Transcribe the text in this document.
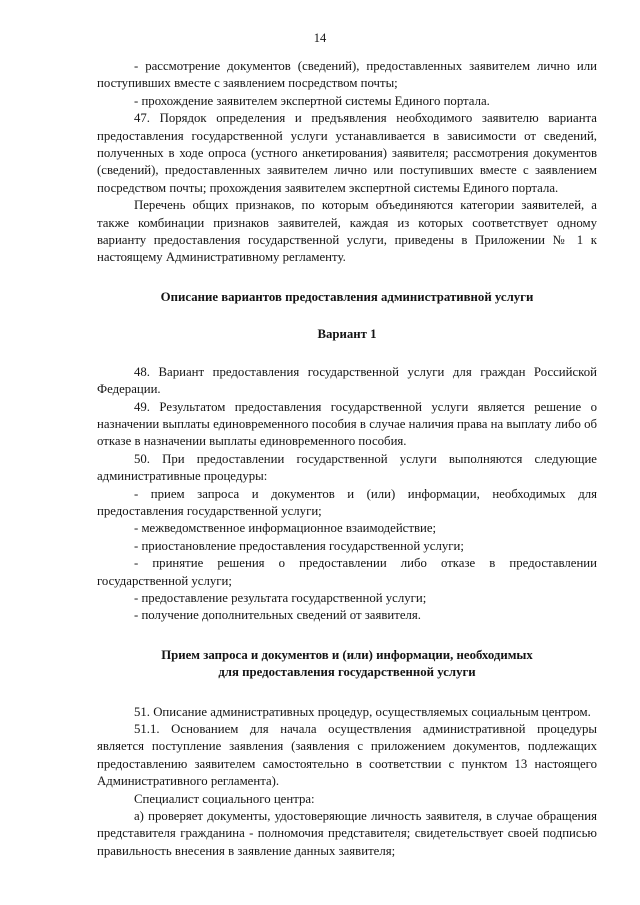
14

- рассмотрение документов (сведений), предоставленных заявителем лично или поступивших вместе с заявлением посредством почты;

- прохождение заявителем экспертной системы Единого портала.

47. Порядок определения и предъявления необходимого заявителю варианта предоставления государственной услуги устанавливается в зависимости от сведений, полученных в ходе опроса (устного анкетирования) заявителя; рассмотрения документов (сведений), предоставленных заявителем лично или поступивших вместе с заявлением посредством почты; прохождения заявителем экспертной системы Единого портала.

Перечень общих признаков, по которым объединяются категории заявителей, а также комбинации признаков заявителей, каждая из которых соответствует одному варианту предоставления государственной услуги, приведены в Приложении № 1 к настоящему Административному регламенту.

Описание вариантов предоставления административной услуги

Вариант 1

48. Вариант предоставления государственной услуги для граждан Российской Федерации.

49. Результатом предоставления государственной услуги является решение о назначении выплаты единовременного пособия в случае наличия права на выплату либо об отказе в назначении выплаты единовременного пособия.

50. При предоставлении государственной услуги выполняются следующие административные процедуры:

- прием запроса и документов и (или) информации, необходимых для предоставления государственной услуги;

- межведомственное информационное взаимодействие;

- приостановление предоставления государственной услуги;

- принятие решения о предоставлении либо отказе в предоставлении государственной услуги;

- предоставление результата государственной услуги;

- получение дополнительных сведений от заявителя.

Прием запроса и документов и (или) информации, необходимых

для предоставления государственной услуги

51. Описание административных процедур, осуществляемых социальным центром.

51.1. Основанием для начала осуществления административной процедуры является поступление заявления (заявления с приложением документов, подлежащих предоставлению заявителем самостоятельно в соответствии с пунктом 13 настоящего Административного регламента).

Специалист социального центра:

а) проверяет документы, удостоверяющие личность заявителя, в случае обращения представителя гражданина - полномочия представителя; свидетельствует своей подписью правильность внесения в заявление данных заявителя;
